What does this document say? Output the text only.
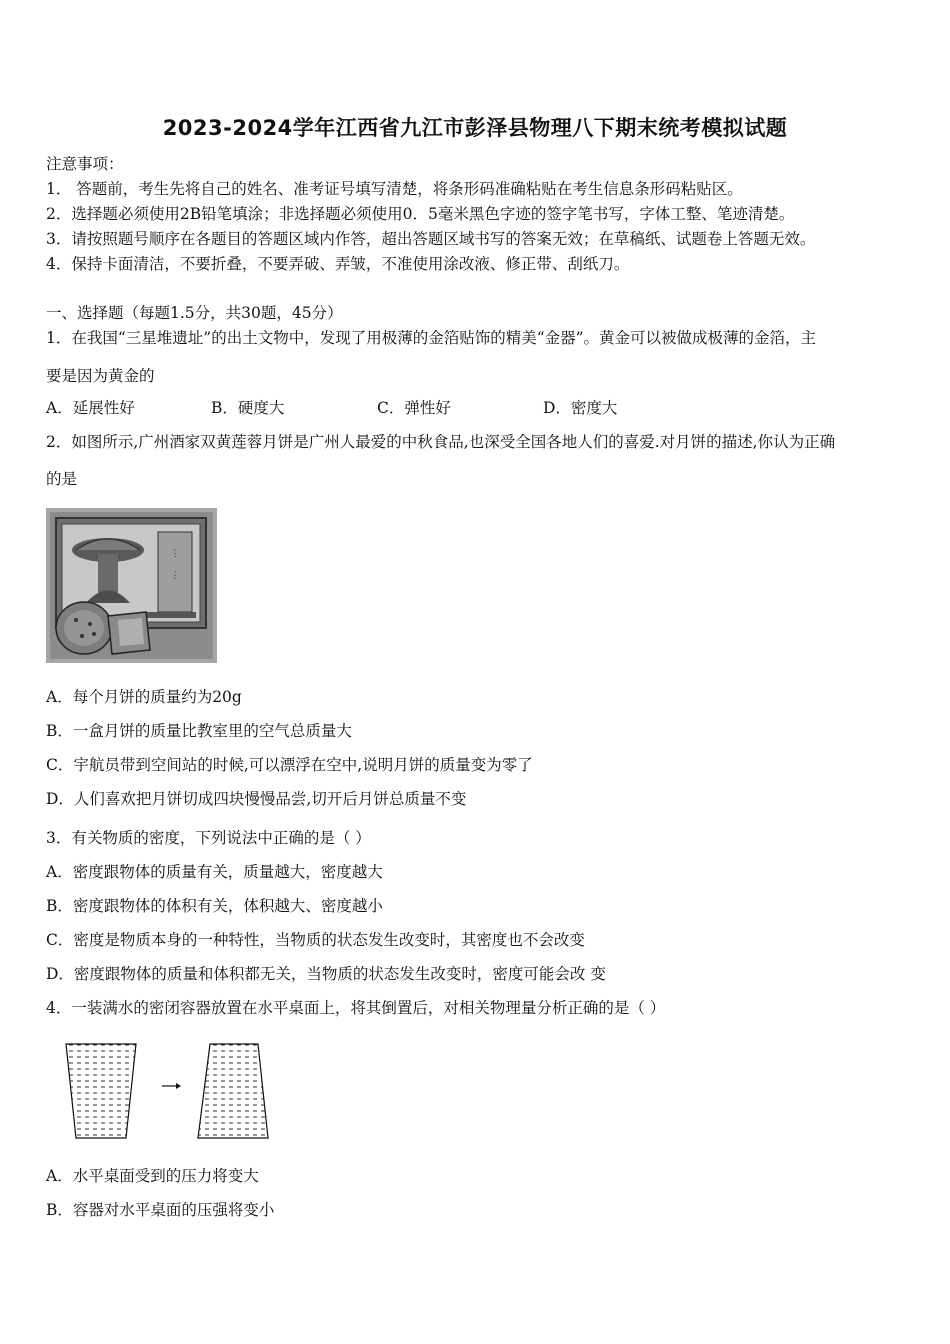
2023-2024学年江西省九江市彭泽县物理八下期末统考模拟试题
注意事项：
1． 答题前，考生先将自己的姓名、准考证号填写清楚，将条形码准确粘贴在考生信息条形码粘贴区。
2．选择题必须使用2B铅笔填涂；非选择题必须使用0．5毫米黑色字迹的签字笔书写，字体工整、笔迹清楚。
3．请按照题号顺序在各题目的答题区域内作答，超出答题区域书写的答案无效；在草稿纸、试题卷上答题无效。
4．保持卡面清洁，不要折叠，不要弄破、弄皱，不准使用涂改液、修正带、刮纸刀。
一、选择题（每题1.5分，共30题，45分）
1．在我国“三星堆遗址”的出土文物中，发现了用极薄的金箔贴饰的精美“金器”。黄金可以被做成极薄的金箔，主
要是因为黄金的
A．延展性好	B．硬度大	C．弹性好	D．密度大
2．如图所示,广州酒家双黄莲蓉月饼是广州人最爱的中秋食品,也深受全国各地人们的喜爱.对月饼的描述,你认为正确
的是
⋮
⋮
A．每个月饼的质量约为20g
B．一盒月饼的质量比教室里的空气总质量大
C．宇航员带到空间站的时候,可以漂浮在空中,说明月饼的质量变为零了
D．人们喜欢把月饼切成四块慢慢品尝,切开后月饼总质量不变
3．有关物质的密度，下列说法中正确的是（ ）
A．密度跟物体的质量有关，质量越大，密度越大
B．密度跟物体的体积有关，体积越大、密度越小
C．密度是物质本身的一种特性，当物质的状态发生改变时，其密度也不会改变
D．密度跟物体的质量和体积都无关，当物质的状态发生改变时，密度可能会改 变
4．一装满水的密闭容器放置在水平桌面上，将其倒置后，对相关物理量分析正确的是（ ）
A．水平桌面受到的压力将变大
B．容器对水平桌面的压强将变小
